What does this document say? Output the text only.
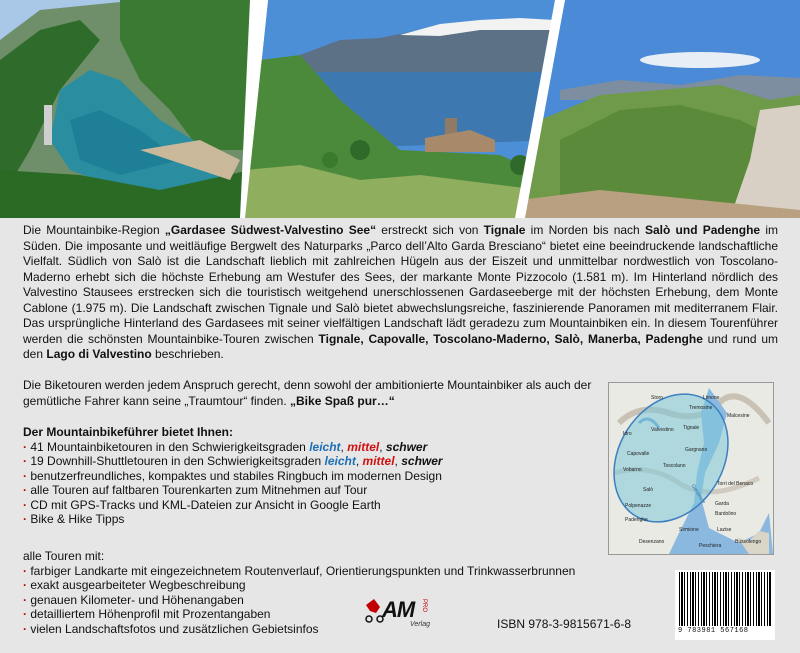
Die Mountainbike-Region „Gardasee Südwest-Valvestino See“ erstreckt sich von Tignale im Norden bis nach Salò und Padenghe im Süden. Die imposante und weitläufige Bergwelt des Naturparks „Parco dell’Alto Garda Bresciano“ bietet eine beeindruckende landschaftliche Vielfalt. Südlich von Salò ist die Landschaft lieblich mit zahlreichen Hügeln aus der Eiszeit und unmittelbar nordwestlich von Toscolano-Maderno erhebt sich die höchste Erhebung am Westufer des Sees, der markante Monte Pizzocolo (1.581 m). Im Hinterland nördlich des Valvestino Stausees erstrecken sich die touristisch weitgehend unerschlossenen Gardaseeberge mit der höchsten Erhebung, dem Monte Cablone (1.975 m). Die Landschaft zwischen Tignale und Salò bietet abwechslungsreiche, faszinierende Panoramen mit mediterranem Flair. Das ursprüngliche Hinterland des Gardasees mit seiner vielfältigen Landschaft lädt geradezu zum Mountainbiken ein. In diesem Tourenführer werden die schönsten Mountainbike-Touren zwischen Tignale, Capovalle, Toscolano-Maderno, Salò, Manerba, Padenghe und rund um den Lago di Valvestino beschrieben.

Die Biketouren werden jedem Anspruch gerecht, denn sowohl der ambitionierte Mountainbiker als auch der gemütliche Fahrer kann seine „Traumtour“ finden. „Bike Spaß pur…“

Der Mountainbikeführer bietet Ihnen:
· 41 Mountainbiketouren in den Schwierigkeitsgraden leicht, mittel, schwer
· 19 Downhill-Shuttletouren in den Schwierigkeitsgraden leicht, mittel, schwer
· benutzerfreundliches, kompaktes und stabiles Ringbuch im modernen Design
· alle Touren auf faltbaren Tourenkarten zum Mitnehmen auf Tour
· CD mit GPS-Tracks und KML-Dateien zur Ansicht in Google Earth
· Bike & Hike Tipps
alle Touren mit:
· farbiger Landkarte mit eingezeichnetem Routenverlauf, Orientierungspunkten und Trinkwasserbrunnen
· exakt ausgearbeiteter Wegbeschreibung
· genauen Kilometer- und Höhenangaben
· detailliertem Höhenprofil mit Prozentangaben
· vielen Landschaftsfotos und zusätzlichen Gebietsinfos
Storo
Tremosine
Limone
Malcesine
Valvestino Tignale
Idro
Gargnano
Capovalle
Toscolano
Torri del Benaco
Vobarno
Garda
Salò
Bardolino
Polpenazze
Padenghe
Sirmione	Lazise
Desenzano
Peschiera
Bussolengo
Gardasee
AM PRO
Verlag	ISBN 978-3-9815671-6-8	9 783981 567168
